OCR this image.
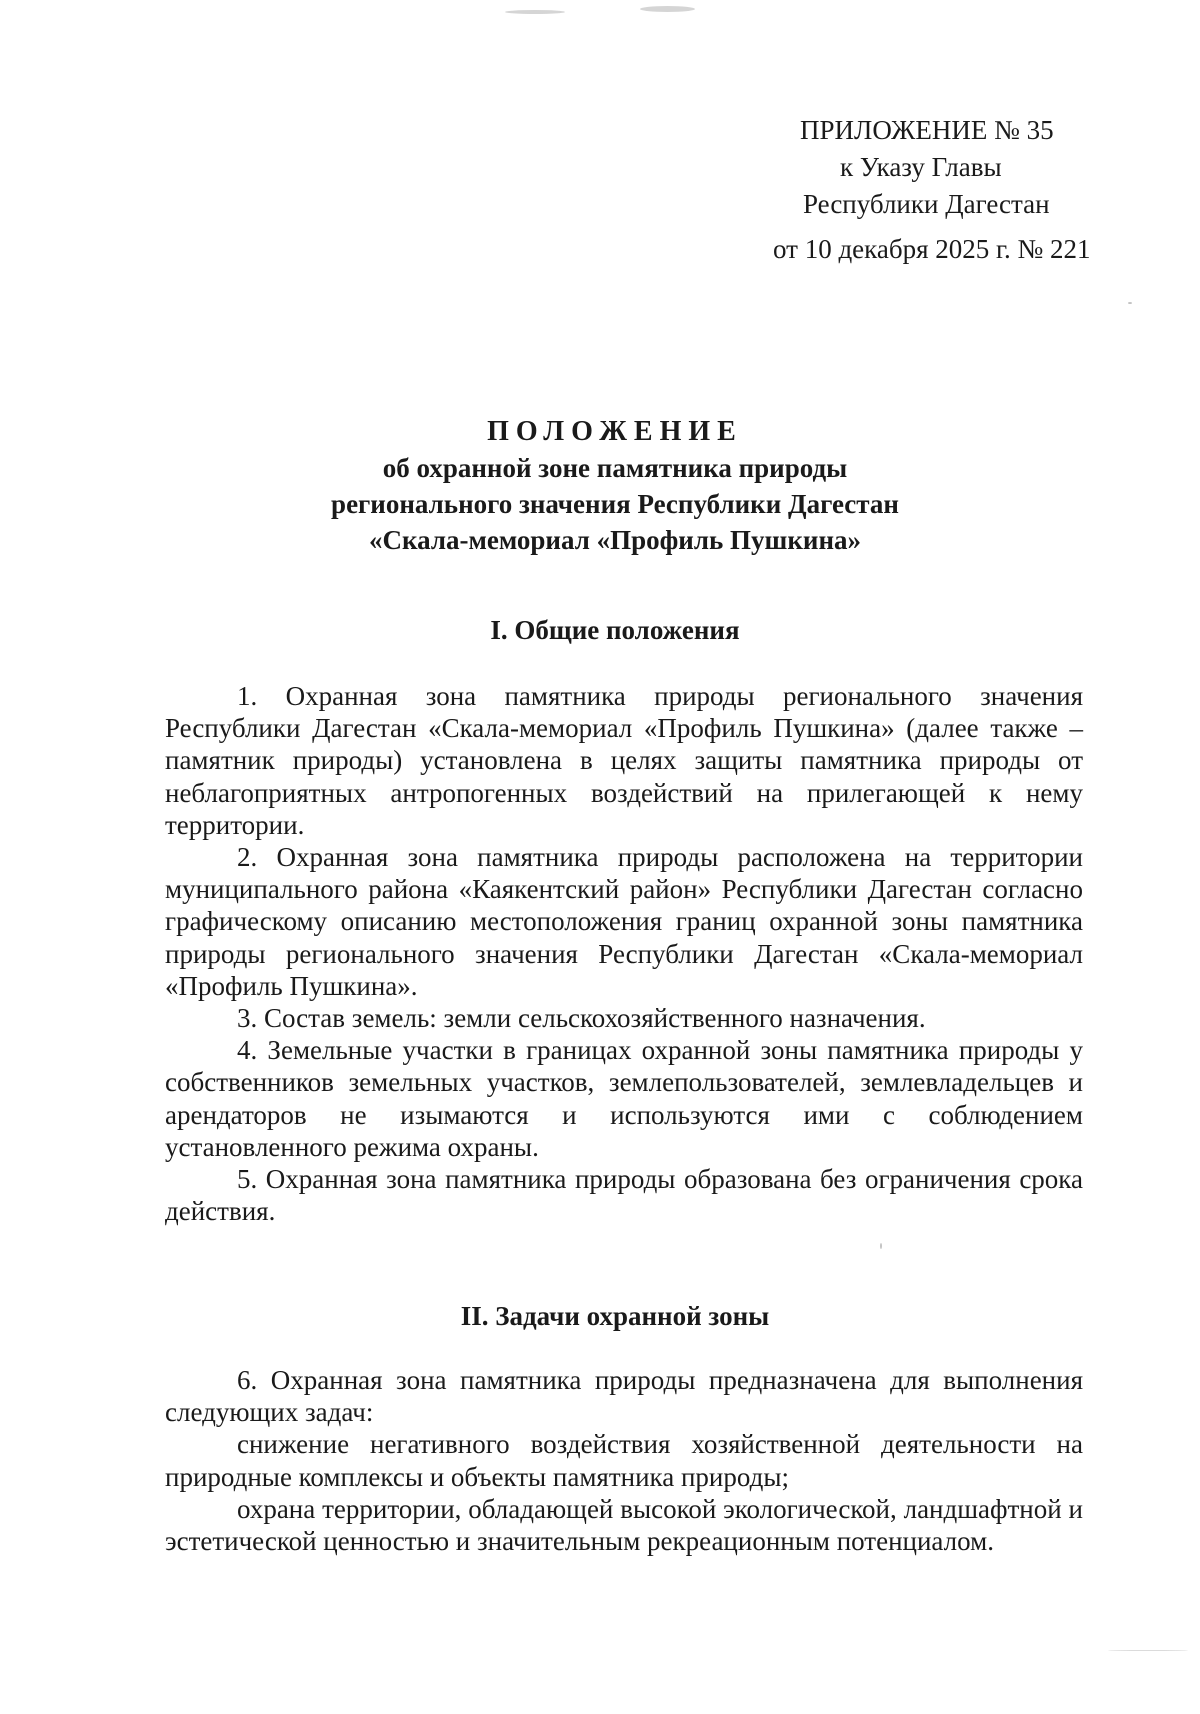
ПРИЛОЖЕНИЕ № 35
к Указу Главы
Республики Дагестан
от 10 декабря 2025 г. № 221
ПОЛОЖЕНИЕ
об охранной зоне памятника природы
регионального значения Республики Дагестан
«Скала-мемориал «Профиль Пушкина»
I. Общие положения

1. Охранная зона памятника природы регионального значения Республики Дагестан «Скала-мемориал «Профиль Пушкина» (далее также – памятник природы) установлена в целях защиты памятника природы от неблагоприятных антропогенных воздействий на прилегающей к нему территории.

2. Охранная зона памятника природы расположена на территории муниципального района «Каякентский район» Республики Дагестан согласно графическому описанию местоположения границ охранной зоны памятника природы регионального значения Республики Дагестан «Скала-мемориал «Профиль Пушкина».

3. Состав земель: земли сельскохозяйственного назначения.

4. Земельные участки в границах охранной зоны памятника природы у собственников земельных участков, землепользователей, землевладельцев и арендаторов не изымаются и используются ими с соблюдением установленного режима охраны.

5. Охранная зона памятника природы образована без ограничения срока действия.

II. Задачи охранной зоны

6. Охранная зона памятника природы предназначена для выполнения следующих задач:

снижение негативного воздействия хозяйственной деятельности на природные комплексы и объекты памятника природы;

охрана территории, обладающей высокой экологической, ландшафтной и эстетической ценностью и значительным рекреационным потенциалом.
